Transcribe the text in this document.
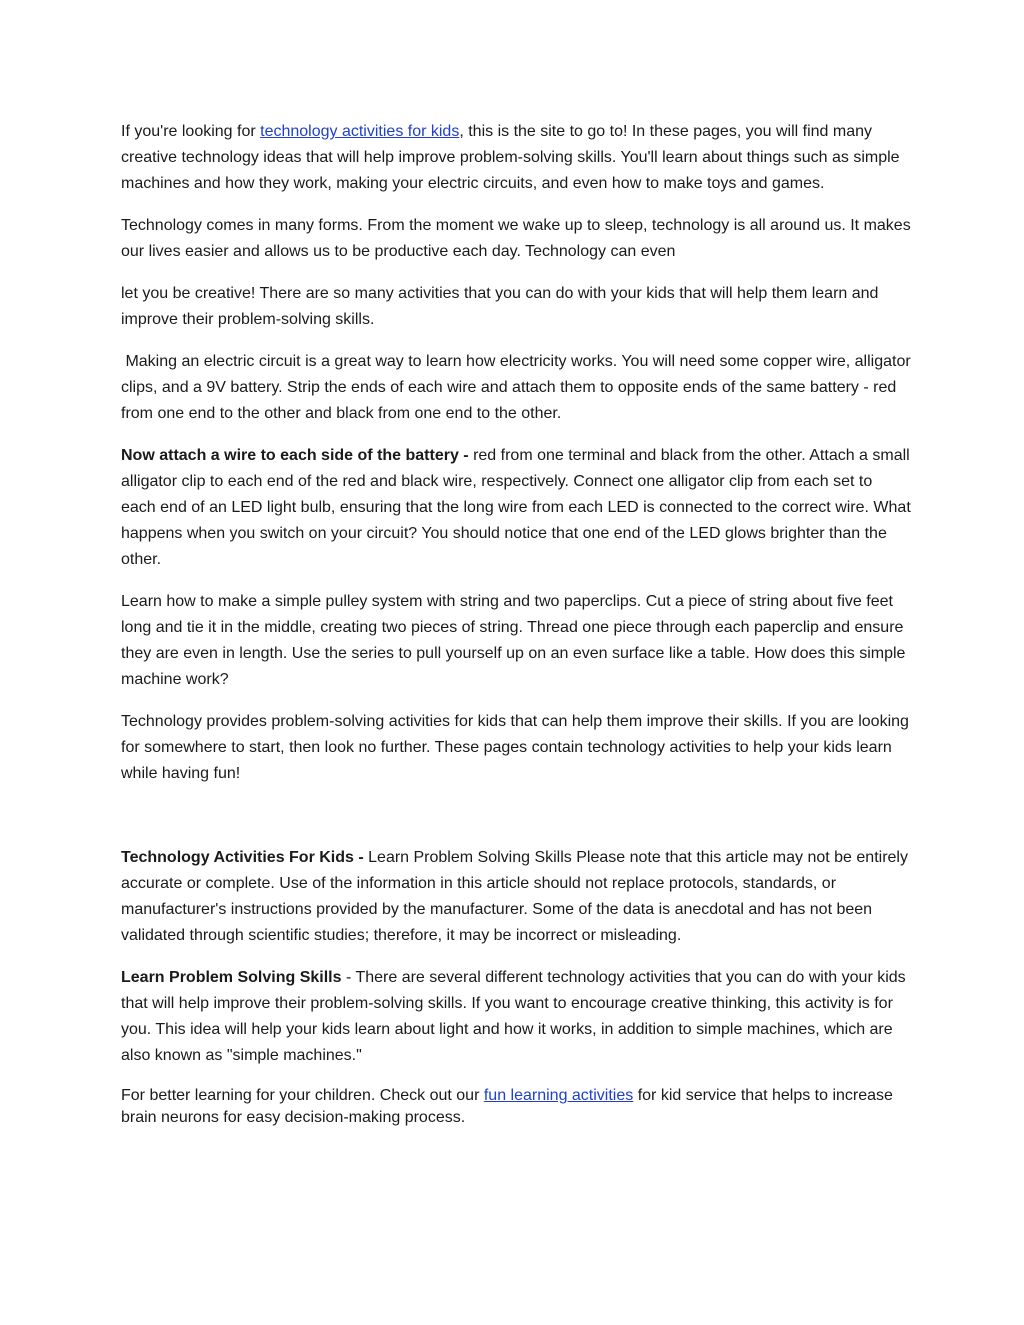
If you're looking for technology activities for kids, this is the site to go to! In these pages, you will find many creative technology ideas that will help improve problem-solving skills. You'll learn about things such as simple machines and how they work, making your electric circuits, and even how to make toys and games.

Technology comes in many forms. From the moment we wake up to sleep, technology is all around us. It makes our lives easier and allows us to be productive each day. Technology can even

let you be creative! There are so many activities that you can do with your kids that will help them learn and improve their problem-solving skills.

Making an electric circuit is a great way to learn how electricity works. You will need some copper wire, alligator clips, and a 9V battery. Strip the ends of each wire and attach them to opposite ends of the same battery - red from one end to the other and black from one end to the other.

Now attach a wire to each side of the battery - red from one terminal and black from the other. Attach a small alligator clip to each end of the red and black wire, respectively. Connect one alligator clip from each set to each end of an LED light bulb, ensuring that the long wire from each LED is connected to the correct wire. What happens when you switch on your circuit? You should notice that one end of the LED glows brighter than the other.

Learn how to make a simple pulley system with string and two paperclips. Cut a piece of string about five feet long and tie it in the middle, creating two pieces of string. Thread one piece through each paperclip and ensure they are even in length. Use the series to pull yourself up on an even surface like a table. How does this simple machine work?

Technology provides problem-solving activities for kids that can help them improve their skills. If you are looking for somewhere to start, then look no further. These pages contain technology activities to help your kids learn while having fun!

Technology Activities For Kids - Learn Problem Solving Skills Please note that this article may not be entirely accurate or complete. Use of the information in this article should not replace protocols, standards, or manufacturer's instructions provided by the manufacturer. Some of the data is anecdotal and has not been validated through scientific studies; therefore, it may be incorrect or misleading.

Learn Problem Solving Skills - There are several different technology activities that you can do with your kids that will help improve their problem-solving skills. If you want to encourage creative thinking, this activity is for you. This idea will help your kids learn about light and how it works, in addition to simple machines, which are also known as "simple machines."

For better learning for your children. Check out our fun learning activities for kid service that helps to increase brain neurons for easy decision-making process.
